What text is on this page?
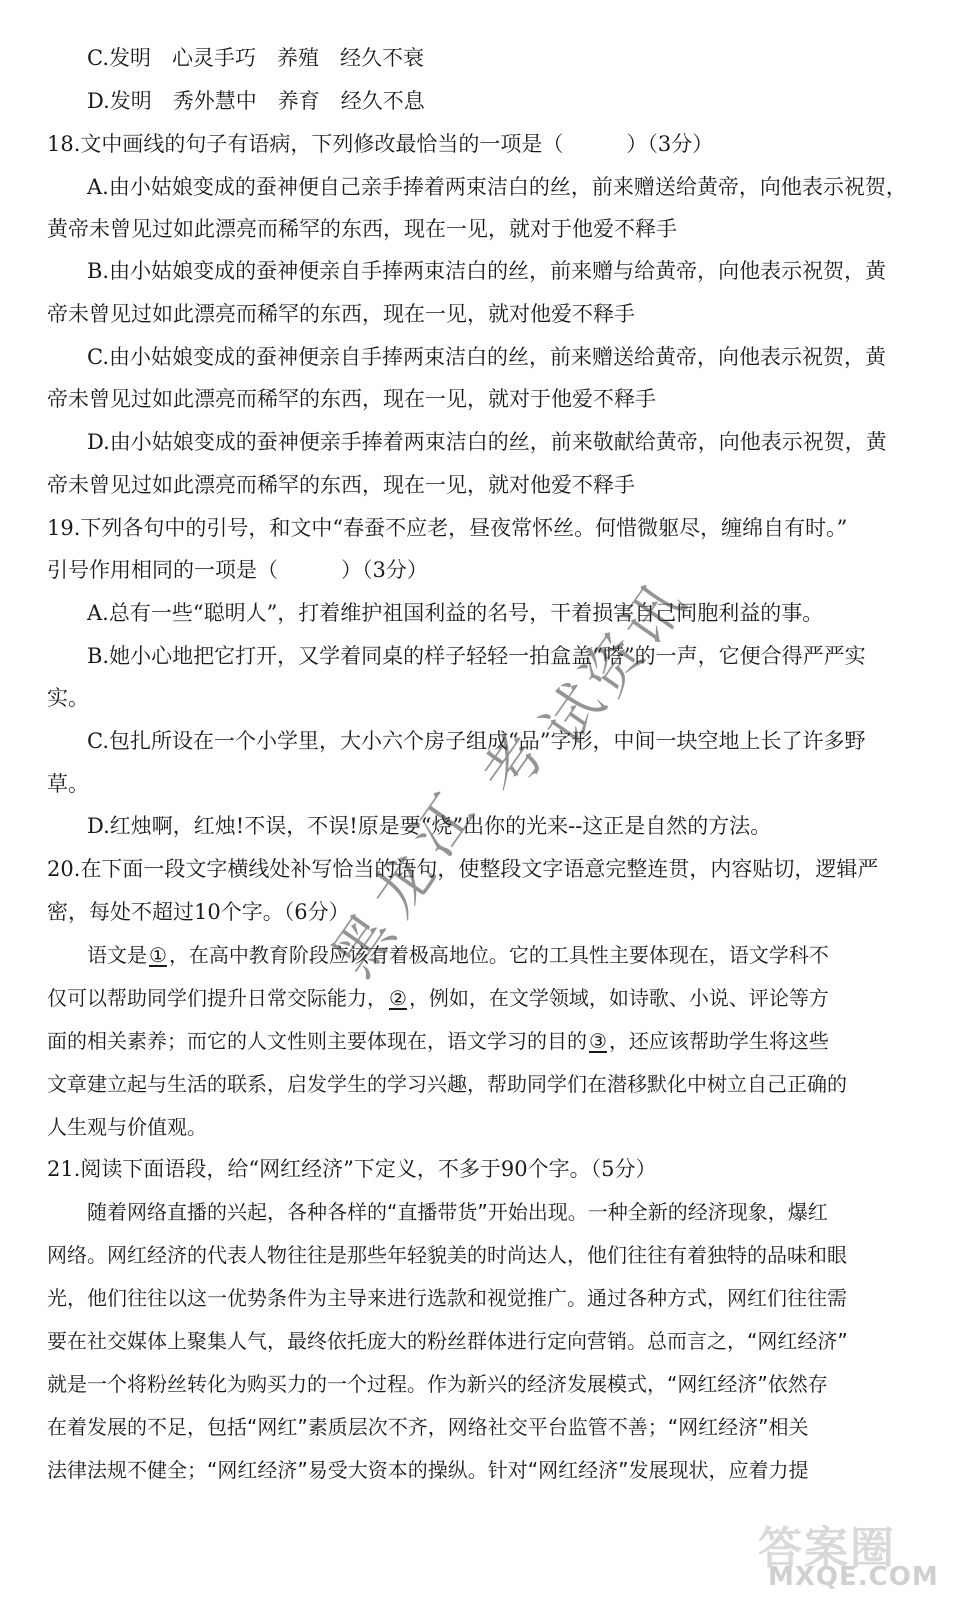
C.发明　心灵手巧　养殖　经久不衰
D.发明　秀外慧中　养育　经久不息
18.文中画线的句子有语病，下列修改最恰当的一项是（　　　）（3分）
A.由小姑娘变成的蚕神便自己亲手捧着两束洁白的丝，前来赠送给黄帝，向他表示祝贺，
黄帝未曾见过如此漂亮而稀罕的东西，现在一见，就对于他爱不释手
B.由小姑娘变成的蚕神便亲自手捧两束洁白的丝，前来赠与给黄帝，向他表示祝贺，黄
帝未曾见过如此漂亮而稀罕的东西，现在一见，就对他爱不释手
C.由小姑娘变成的蚕神便亲自手捧两束洁白的丝，前来赠送给黄帝，向他表示祝贺，黄
帝未曾见过如此漂亮而稀罕的东西，现在一见，就对于他爱不释手
D.由小姑娘变成的蚕神便亲手捧着两束洁白的丝，前来敬献给黄帝，向他表示祝贺，黄
帝未曾见过如此漂亮而稀罕的东西，现在一见，就对他爱不释手
19.下列各句中的引号，和文中“春蚕不应老，昼夜常怀丝。何惜微躯尽，缠绵自有时。”
引号作用相同的一项是（　　　）（3分）
A.总有一些“聪明人”，打着维护祖国利益的名号，干着损害自己同胞利益的事。
B.她小心地把它打开，又学着同桌的样子轻轻一拍盒盖“嗒”的一声，它便合得严严实
实。
C.包扎所设在一个小学里，大小六个房子组成“品”字形，中间一块空地上长了许多野
草。
D.红烛啊，红烛!不误，不误!原是要“烧”出你的光来--这正是自然的方法。
20.在下面一段文字横线处补写恰当的语句，使整段文字语意完整连贯，内容贴切，逻辑严
密，每处不超过10个字。（6分）
语文是 ① ，在高中教育阶段应该有着极高地位。它的工具性主要体现在，语文学科不
仅可以帮助同学们提升日常交际能力， ② ，例如，在文学领域，如诗歌、小说、评论等方
面的相关素养；而它的人文性则主要体现在，语文学习的目的 ③ ，还应该帮助学生将这些
文章建立起与生活的联系，启发学生的学习兴趣，帮助同学们在潜移默化中树立自己正确的
人生观与价值观。
21.阅读下面语段，给“网红经济”下定义，不多于90个字。（5分）
随着网络直播的兴起，各种各样的“直播带货”开始出现。一种全新的经济现象，爆红
网络。网红经济的代表人物往往是那些年轻貌美的时尚达人，他们往往有着独特的品味和眼
光，他们往往以这一优势条件为主导来进行选款和视觉推广。通过各种方式，网红们往往需
要在社交媒体上聚集人气，最终依托庞大的粉丝群体进行定向营销。总而言之，“网红经济”
就是一个将粉丝转化为购买力的一个过程。作为新兴的经济发展模式，“网红经济”依然存
在着发展的不足，包括“网红”素质层次不齐，网络社交平台监管不善；“网红经济”相关
法律法规不健全；“网红经济”易受大资本的操纵。针对“网红经济”发展现状，应着力提
黑
龙
江
考
试
资
讯
答案圈
MXQE.COM
